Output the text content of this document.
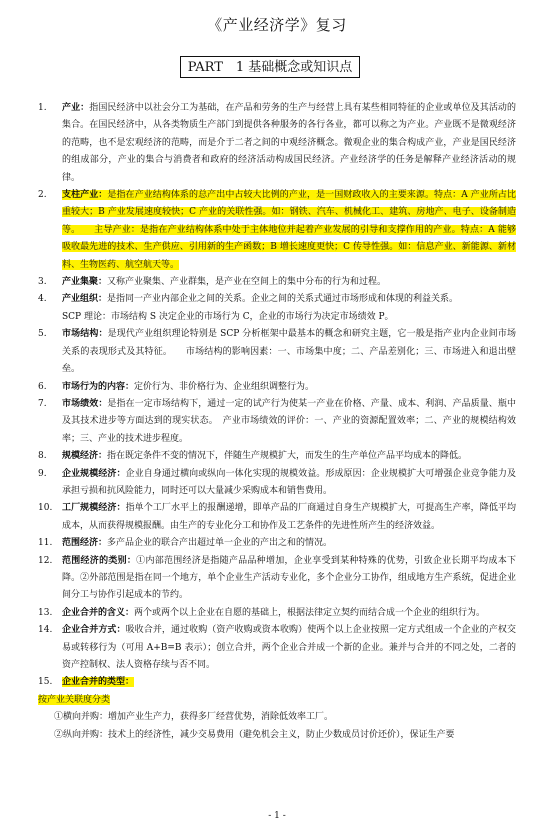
《产业经济学》复习
PART　1 基础概念或知识点
1.	产业：指国民经济中以社会分工为基础，在产品和劳务的生产与经营上具有某些相同特征的企业或单位及其活动的集合。在国民经济中，从各类物质生产部门到提供各种服务的各行各业，都可以称之为产业。产业既不是微观经济的范畴，也不是宏观经济的范畴，而是介于二者之间的中观经济概念。微观企业的集合构成产业，产业是国民经济的组成部分，产业的集合与消费者和政府的经济活动构成国民经济。产业经济学的任务是解释产业经济活动的规律。
2.	支柱产业：是指在产业结构体系的总产出中占较大比例的产业，是一国财政收入的主要来源。特点：A 产业所占比重较大；B 产业发展速度较快；C 产业的关联性强。如：钢铁、汽车、机械化工、建筑、房地产、电子、设备制造等。　　主导产业：是指在产业结构体系中处于主体地位并起着产业发展的引导和支撑作用的产业。特点：A 能够吸收最先进的技术、生产供应、引用新的生产函数；B 增长速度更快；C 传导性强。如：信息产业、新能源、新材料、生物医药、航空航天等。
3.	产业集聚：又称产业聚集、产业群集，是产业在空间上的集中分布的行为和过程。
4.	产业组织：是指同一产业内部企业之间的关系。企业之间的关系式通过市场形成和体现的利益关系。
SCP 理论：市场结构 S 决定企业的市场行为 C，企业的市场行为决定市场绩效 P。
5.	市场结构：是现代产业组织理论特别是 SCP 分析框架中最基本的概念和研究主题，它一般是指产业内企业间市场关系的表现形式及其特征。　　市场结构的影响因素：一、市场集中度；二、产品差别化；三、市场进入和退出壁垒。
6.	市场行为的内容：定价行为、非价格行为、企业组织调整行为。
7.	市场绩效：是指在一定市场结构下，通过一定的试产行为使某一产业在价格、产量、成本、利润、产品质量、瓶中及其技术进步等方面达到的现实状态。　产业市场绩效的评价：一、产业的资源配置效率；二、产业的规模结构效率；三、产业的技术进步程度。
8.	规模经济：指在既定条件不变的情况下，伴随生产规模扩大，而发生的生产单位产品平均成本的降低。
9.	企业规模经济：企业自身通过横向或纵向一体化实现的规模效益。形成原因：企业规模扩大可增强企业竞争能力及承担亏损和抗风险能力，同时还可以大量减少采购成本和销售费用。
10.	工厂规模经济：指单个工厂水平上的报酬递增，即单产品的厂商通过自身生产规模扩大，可提高生产率，降低平均成本，从而获得规模报酬。由生产的专业化分工和协作及工艺条件的先进性所产生的经济效益。
11.	范围经济：多产品企业的联合产出超过单一企业的产出之和的情况。
12.	范围经济的类别：①内部范围经济是指随产品品种增加，企业享受到某种特殊的优势，引致企业长期平均成本下降。②外部范围是指在同一个地方，单个企业生产活动专业化，多个企业分工协作，组成地方生产系统，促进企业间分工与协作引起成本的节约。
13.	企业合并的含义：两个或两个以上企业在自愿的基础上，根据法律定立契约而结合成一个企业的组织行为。
14.	企业合并方式：吸收合并，通过收购（资产收购或资本收购）使两个以上企业按照一定方式组成一个企业的产权交易或转移行为（可用 A+B=B 表示）；创立合并，两个企业合并成一个新的企业。兼并与合并的不同之处，二者的资产控制权、法人资格存续与否不同。
15.	企业合并的类型：
按产业关联度分类
①横向并购：增加产业生产力，获得多厂经营优势，消除低效率工厂。
②纵向并购：技术上的经济性，减少交易费用（避免机会主义，防止少数成员讨价还价），保证生产要
- 1 -
